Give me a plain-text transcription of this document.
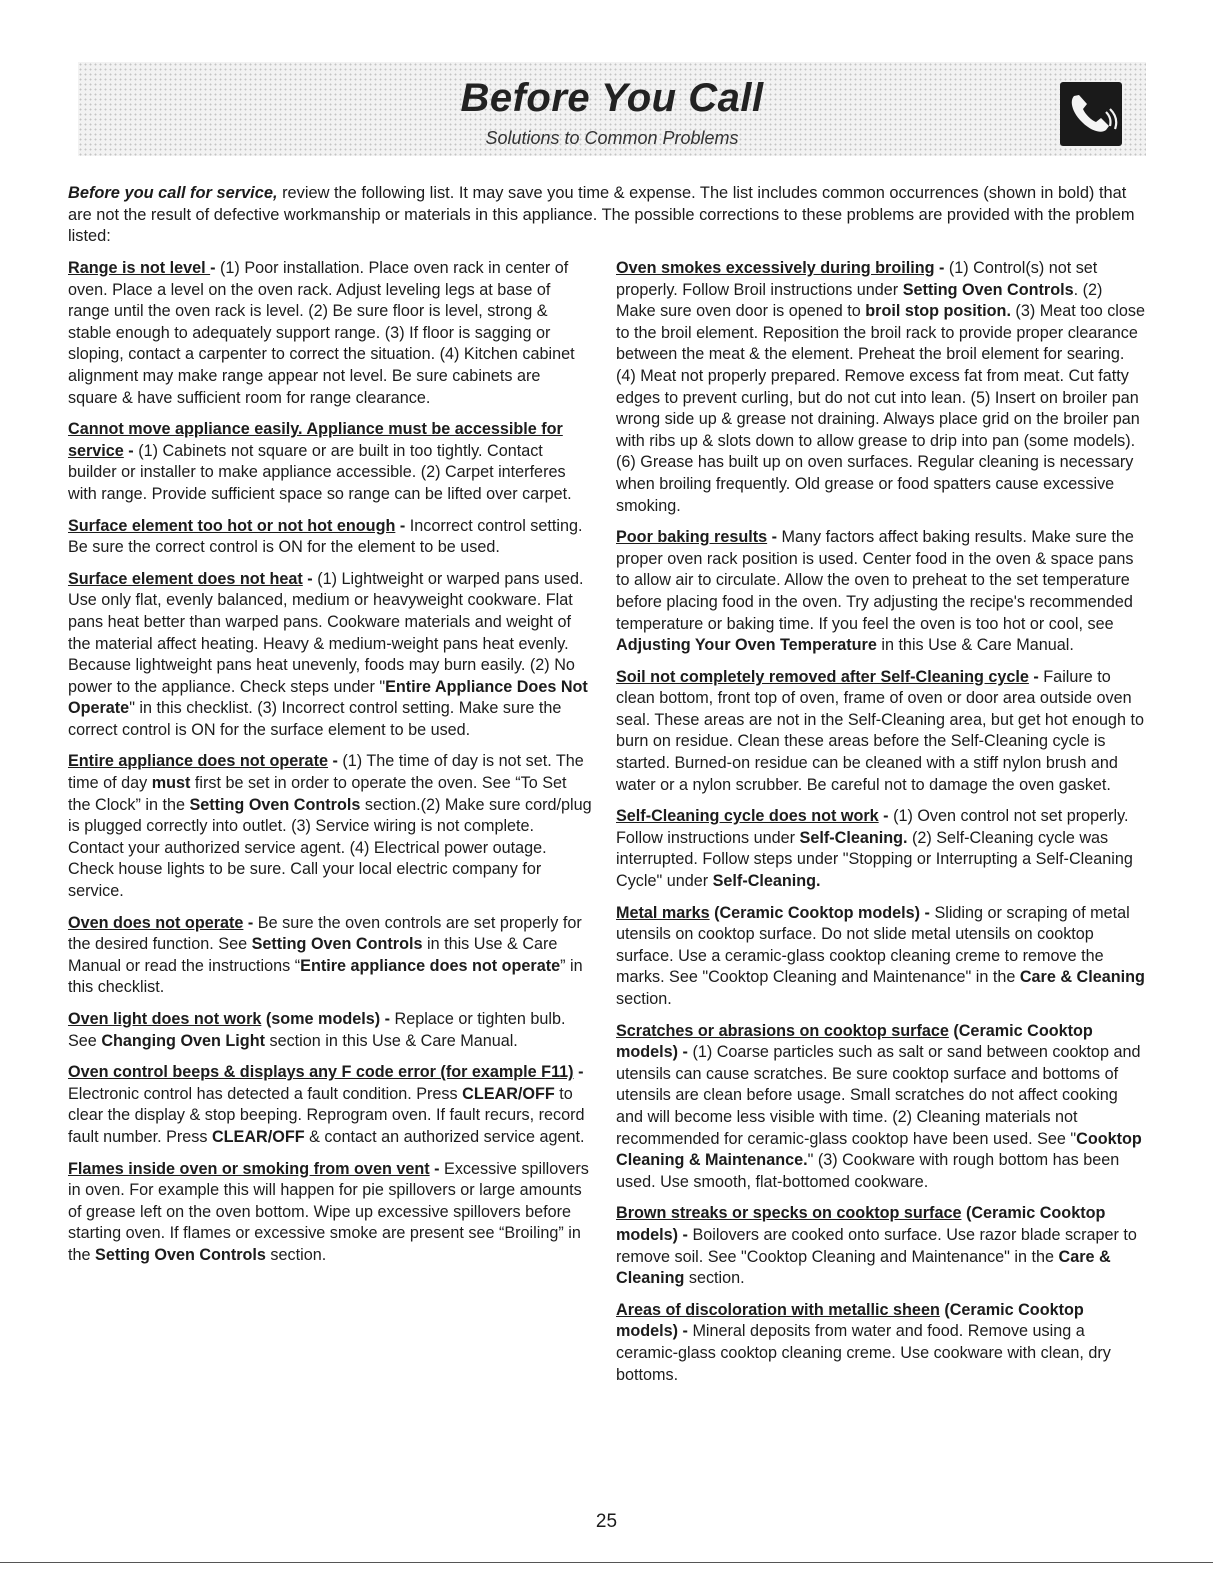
Before You Call
Solutions to Common Problems
Before you call for service, review the following list. It may save you time & expense. The list includes common occurrences (shown in bold) that are not the result of defective workmanship or materials in this appliance. The possible corrections to these problems are provided with the problem listed:

Range is not level - (1) Poor installation. Place oven rack in center of oven. Place a level on the oven rack. Adjust leveling legs at base of range until the oven rack is level. (2) Be sure floor is level, strong & stable enough to adequately support range. (3) If floor is sagging or sloping, contact a carpenter to correct the situation. (4) Kitchen cabinet alignment may make range appear not level. Be sure cabinets are square & have sufficient room for range clearance.

Cannot move appliance easily. Appliance must be accessible for service - (1) Cabinets not square or are built in too tightly. Contact builder or installer to make appliance accessible. (2) Carpet interferes with range. Provide sufficient space so range can be lifted over carpet.

Surface element too hot or not hot enough - Incorrect control setting. Be sure the correct control is ON for the element to be used.

Surface element does not heat - (1) Lightweight or warped pans used. Use only flat, evenly balanced, medium or heavyweight cookware. Flat pans heat better than warped pans. Cookware materials and weight of the material affect heating. Heavy & medium-weight pans heat evenly. Because lightweight pans heat unevenly, foods may burn easily. (2) No power to the appliance. Check steps under "Entire Appliance Does Not Operate" in this checklist. (3) Incorrect control setting. Make sure the correct control is ON for the surface element to be used.

Entire appliance does not operate - (1) The time of day is not set. The time of day must first be set in order to operate the oven. See “To Set the Clock” in the Setting Oven Controls section.(2) Make sure cord/plug is plugged correctly into outlet. (3) Service wiring is not complete. Contact your authorized service agent. (4) Electrical power outage. Check house lights to be sure. Call your local electric company for service.

Oven does not operate - Be sure the oven controls are set properly for the desired function. See Setting Oven Controls in this Use & Care Manual or read the instructions “Entire appliance does not operate” in this checklist.

Oven light does not work (some models) - Replace or tighten bulb. See Changing Oven Light section in this Use & Care Manual.

Oven control beeps & displays any F code error (for example F11) - Electronic control has detected a fault condition. Press CLEAR/OFF to clear the display & stop beeping. Reprogram oven. If fault recurs, record fault number. Press CLEAR/OFF & contact an authorized service agent.

Flames inside oven or smoking from oven vent - Excessive spillovers in oven. For example this will happen for pie spillovers or large amounts of grease left on the oven bottom. Wipe up excessive spillovers before starting oven. If flames or excessive smoke are present see “Broiling” in the Setting Oven Controls section.

Oven smokes excessively during broiling - (1) Control(s) not set properly. Follow Broil instructions under Setting Oven Controls. (2) Make sure oven door is opened to broil stop position. (3) Meat too close to the broil element. Reposition the broil rack to provide proper clearance between the meat & the element. Preheat the broil element for searing. (4) Meat not properly prepared. Remove excess fat from meat. Cut fatty edges to prevent curling, but do not cut into lean. (5) Insert on broiler pan wrong side up & grease not draining. Always place grid on the broiler pan with ribs up & slots down to allow grease to drip into pan (some models). (6) Grease has built up on oven surfaces. Regular cleaning is necessary when broiling frequently. Old grease or food spatters cause excessive smoking.

Poor baking results - Many factors affect baking results. Make sure the proper oven rack position is used. Center food in the oven & space pans to allow air to circulate. Allow the oven to preheat to the set temperature before placing food in the oven. Try adjusting the recipe's recommended temperature or baking time. If you feel the oven is too hot or cool, see Adjusting Your Oven Temperature in this Use & Care Manual.

Soil not completely removed after Self-Cleaning cycle - Failure to clean bottom, front top of oven, frame of oven or door area outside oven seal. These areas are not in the Self-Cleaning area, but get hot enough to burn on residue. Clean these areas before the Self-Cleaning cycle is started. Burned-on residue can be cleaned with a stiff nylon brush and water or a nylon scrubber. Be careful not to damage the oven gasket.

Self-Cleaning cycle does not work - (1) Oven control not set properly. Follow instructions under Self-Cleaning. (2) Self-Cleaning cycle was interrupted. Follow steps under "Stopping or Interrupting a Self-Cleaning Cycle" under Self-Cleaning.

Metal marks (Ceramic Cooktop models) - Sliding or scraping of metal utensils on cooktop surface. Do not slide metal utensils on cooktop surface. Use a ceramic-glass cooktop cleaning creme to remove the marks. See "Cooktop Cleaning and Maintenance" in the Care & Cleaning section.

Scratches or abrasions on cooktop surface (Ceramic Cooktop models) - (1) Coarse particles such as salt or sand between cooktop and utensils can cause scratches. Be sure cooktop surface and bottoms of utensils are clean before usage. Small scratches do not affect cooking and will become less visible with time. (2) Cleaning materials not recommended for ceramic-glass cooktop have been used. See "Cooktop Cleaning & Maintenance." (3) Cookware with rough bottom has been used. Use smooth, flat-bottomed cookware.

Brown streaks or specks on cooktop surface (Ceramic Cooktop models) - Boilovers are cooked onto surface. Use razor blade scraper to remove soil. See "Cooktop Cleaning and Maintenance" in the Care & Cleaning section.

Areas of discoloration with metallic sheen (Ceramic Cooktop models) - Mineral deposits from water and food. Remove using a ceramic-glass cooktop cleaning creme. Use cookware with clean, dry bottoms.

25
